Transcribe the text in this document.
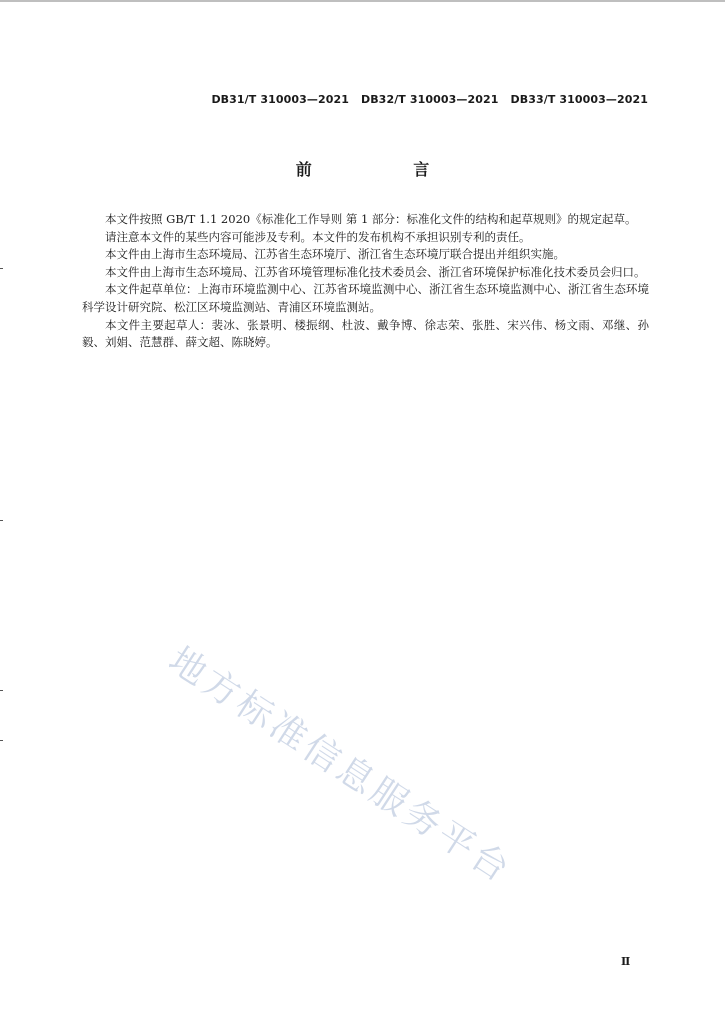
DB31/T 310003—2021 DB32/T 310003—2021 DB33/T 310003—2021
前 言

本文件按照 GB/T 1.1 2020《标准化工作导则 第 1 部分：标准化文件的结构和起草规则》的规定起草。

请注意本文件的某些内容可能涉及专利。本文件的发布机构不承担识别专利的责任。

本文件由上海市生态环境局、江苏省生态环境厅、浙江省生态环境厅联合提出并组织实施。

本文件由上海市生态环境局、江苏省环境管理标准化技术委员会、浙江省环境保护标准化技术委员会归口。

本文件起草单位：上海市环境监测中心、江苏省环境监测中心、浙江省生态环境监测中心、浙江省生态环境科学设计研究院、松江区环境监测站、青浦区环境监测站。

本文件主要起草人：裴冰、张景明、楼振纲、杜波、戴争博、徐志荣、张胜、宋兴伟、杨文雨、邓继、孙毅、刘娟、范慧群、薛文超、陈晓婷。

地方标准信息服务平台
Ⅱ
